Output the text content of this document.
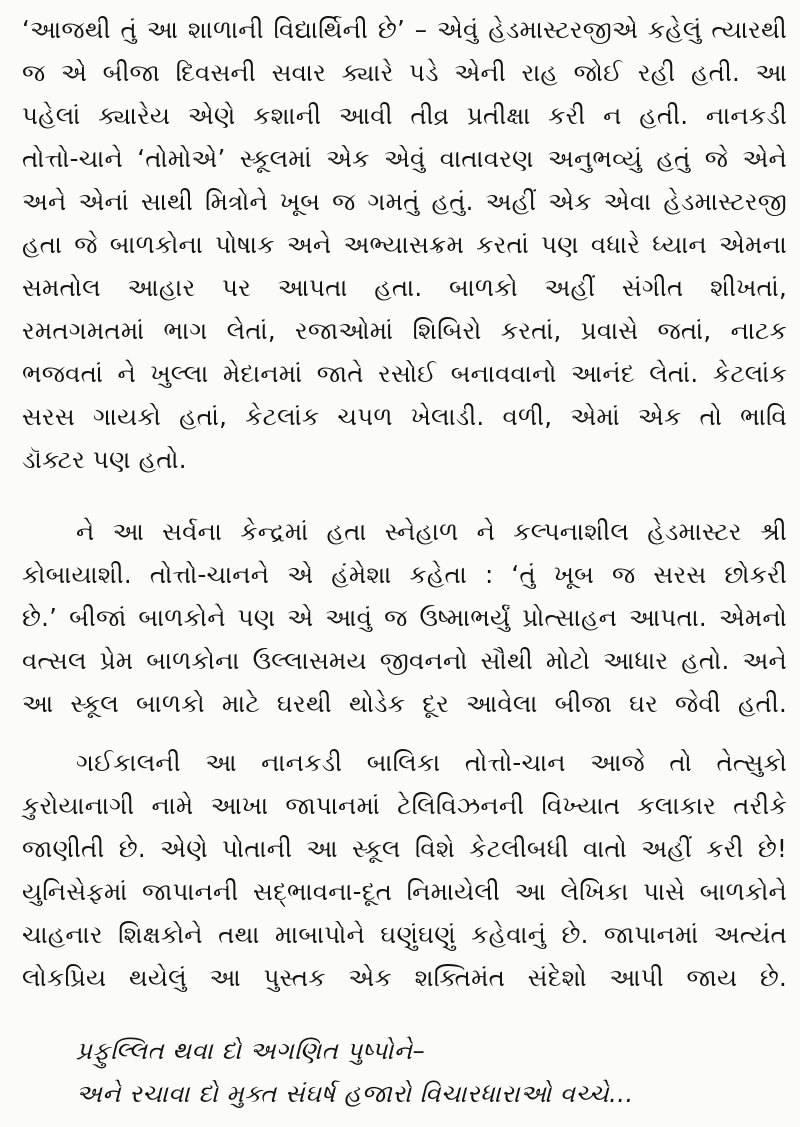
‘આજથી તું આ શાળાની વિદ્યાર્થિની છે’ – એવું હેડમાસ્ટરજીએ કહેલું ત્યારથી
જ એ બીજા દિવસની સવાર ક્યારે પડે એની રાહ જોઈ રહી હતી. આ
પહેલાં ક્યારેય એણે કશાની આવી તીવ્ર પ્રતીક્ષા કરી ન હતી. નાનકડી
તોત્તો-ચાને ‘તોમોએ’ સ્કૂલમાં એક એવું વાતાવરણ અનુભવ્યું હતું જે એને
અને એનાં સાથી મિત્રોને ખૂબ જ ગમતું હતું. અહીં એક એવા હેડમાસ્ટરજી
હતા જે બાળકોના પોષાક અને અભ્યાસક્રમ કરતાં પણ વધારે ધ્યાન એમના
સમતોલ આહાર પર આપતા હતા. બાળકો અહીં સંગીત શીખતાં,
રમતગમતમાં ભાગ લેતાં, રજાઓમાં શિબિરો કરતાં, પ્રવાસે જતાં, નાટક
ભજવતાં ને ખુલ્લા મેદાનમાં જાતે રસોઈ બનાવવાનો આનંદ લેતાં. કેટલાંક
સરસ ગાયકો હતાં, કેટલાંક ચપળ ખેલાડી. વળી, એમાં એક તો ભાવિ
ડૉક્ટર પણ હતો.
ને આ સર્વના કેન્દ્રમાં હતા સ્નેહાળ ને કલ્પનાશીલ હેડમાસ્ટર શ્રી
કોબાયાશી. તોત્તો-ચાનને એ હંમેશા કહેતા : ‘તું ખૂબ જ સરસ છોકરી
છે.’ બીજાં બાળકોને પણ એ આવું જ ઉષ્માભર્યું પ્રોત્સાહન આપતા. એમનો
વત્સલ પ્રેમ બાળકોના ઉલ્લાસમય જીવનનો સૌથી મોટો આધાર હતો. અને
આ સ્કૂલ બાળકો માટે ઘરથી થોડેક દૂર આવેલા બીજા ઘર જેવી હતી.
ગઈકાલની આ નાનકડી બાલિકા તોત્તો-ચાન આજે તો તેત્સુકો
કુરોયાનાગી નામે આખા જાપાનમાં ટેલિવિઝનની વિખ્યાત કલાકાર તરીકે
જાણીતી છે. એણે પોતાની આ સ્કૂલ વિશે કેટલીબધી વાતો અહીં કરી છે!
યુનિસેફમાં જાપાનની સદ્ભાવના-દૂત નિમાયેલી આ લેખિકા પાસે બાળકોને
ચાહનાર શિક્ષકોને તથા માબાપોને ઘણુંઘણું કહેવાનું છે. જાપાનમાં અત્યંત
લોકપ્રિય થયેલું આ પુસ્તક એક શક્તિમંત સંદેશો આપી જાય છે.
પ્રફુલ્લિત થવા દો અગણિત પુષ્પોને–
અને રચાવા દો મુક્ત સંઘર્ષ હજારો વિચારધારાઓ વચ્ચે...
